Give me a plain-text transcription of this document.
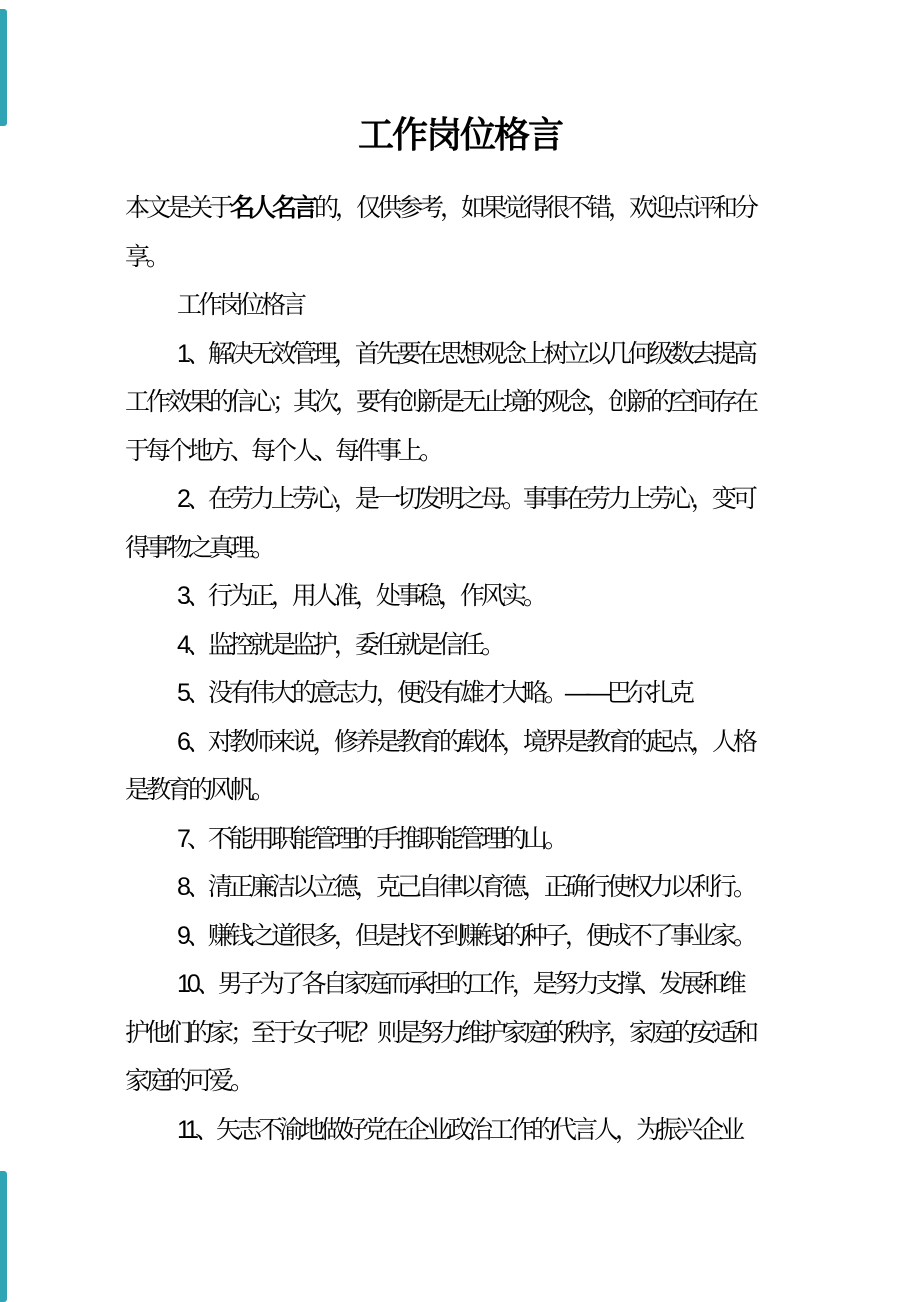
工作岗位格言
本文是关于名人名言的，仅供参考，如果觉得很不错，欢迎点评和分
享。
工作岗位格言
1、解决无效管理，首先要在思想观念上树立以几何级数去提高
工作效果的信心；其次，要有创新是无止境的观念，创新的空间存在
于每个地方、每个人、每件事上。
2、在劳力上劳心，是一切发明之母。事事在劳力上劳心，变可
得事物之真理。
3、行为正，用人准，处事稳，作风实。
4、监控就是监护，委任就是信任。
5、没有伟大的意志力，便没有雄才大略。——巴尔扎克
6、对教师来说，修养是教育的载体，境界是教育的起点，人格
是教育的风帆。
7、不能用职能管理的手推职能管理的山。
8、清正廉洁以立德，克己自律以育德，正确行使权力以利行。
9、赚钱之道很多，但是找不到赚钱的种子，便成不了事业家。
10、男子为了各自家庭而承担的工作，是努力支撑、发展和维
护他们的家；至于女子呢？则是努力维护家庭的秩序，家庭的安适和
家庭的可爱。
11、矢志不渝地做好党在企业政治工作的代言人，为振兴企业
